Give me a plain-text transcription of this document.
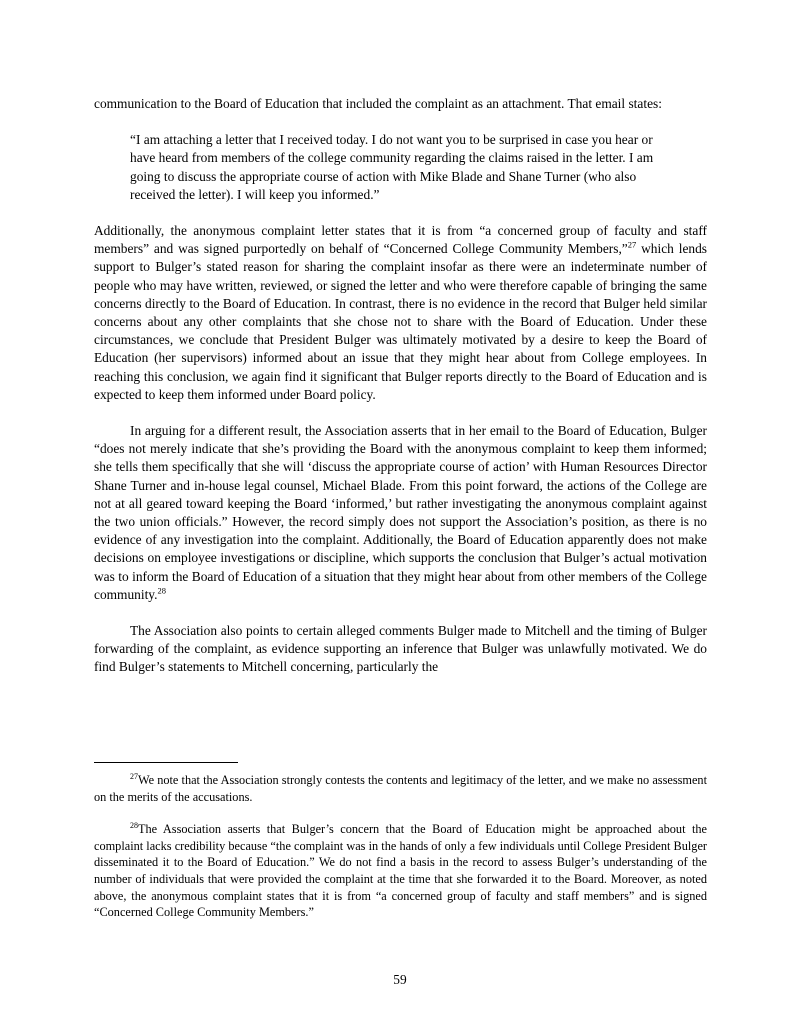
communication to the Board of Education that included the complaint as an attachment. That email states:

“I am attaching a letter that I received today. I do not want you to be surprised in case you hear or have heard from members of the college community regarding the claims raised in the letter. I am going to discuss the appropriate course of action with Mike Blade and Shane Turner (who also received the letter). I will keep you informed.”

Additionally, the anonymous complaint letter states that it is from “a concerned group of faculty and staff members” and was signed purportedly on behalf of “Concerned College Community Members,”$^{27}$ which lends support to Bulger’s stated reason for sharing the complaint insofar as there were an indeterminate number of people who may have written, reviewed, or signed the letter and who were therefore capable of bringing the same concerns directly to the Board of Education. In contrast, there is no evidence in the record that Bulger held similar concerns about any other complaints that she chose not to share with the Board of Education. Under these circumstances, we conclude that President Bulger was ultimately motivated by a desire to keep the Board of Education (her supervisors) informed about an issue that they might hear about from College employees. In reaching this conclusion, we again find it significant that Bulger reports directly to the Board of Education and is expected to keep them informed under Board policy.

In arguing for a different result, the Association asserts that in her email to the Board of Education, Bulger “does not merely indicate that she’s providing the Board with the anonymous complaint to keep them informed; she tells them specifically that she will ‘discuss the appropriate course of action’ with Human Resources Director Shane Turner and in-house legal counsel, Michael Blade. From this point forward, the actions of the College are not at all geared toward keeping the Board ‘informed,’ but rather investigating the anonymous complaint against the two union officials.” However, the record simply does not support the Association’s position, as there is no evidence of any investigation into the complaint. Additionally, the Board of Education apparently does not make decisions on employee investigations or discipline, which supports the conclusion that Bulger’s actual motivation was to inform the Board of Education of a situation that they might hear about from other members of the College community.$^{28}$

The Association also points to certain alleged comments Bulger made to Mitchell and the timing of Bulger forwarding of the complaint, as evidence supporting an inference that Bulger was unlawfully motivated. We do find Bulger’s statements to Mitchell concerning, particularly the

$^{27}$We note that the Association strongly contests the contents and legitimacy of the letter, and we make no assessment on the merits of the accusations.

$^{28}$The Association asserts that Bulger’s concern that the Board of Education might be approached about the complaint lacks credibility because “the complaint was in the hands of only a few individuals until College President Bulger disseminated it to the Board of Education.” We do not find a basis in the record to assess Bulger’s understanding of the number of individuals that were provided the complaint at the time that she forwarded it to the Board. Moreover, as noted above, the anonymous complaint states that it is from “a concerned group of faculty and staff members” and is signed “Concerned College Community Members.”

59
